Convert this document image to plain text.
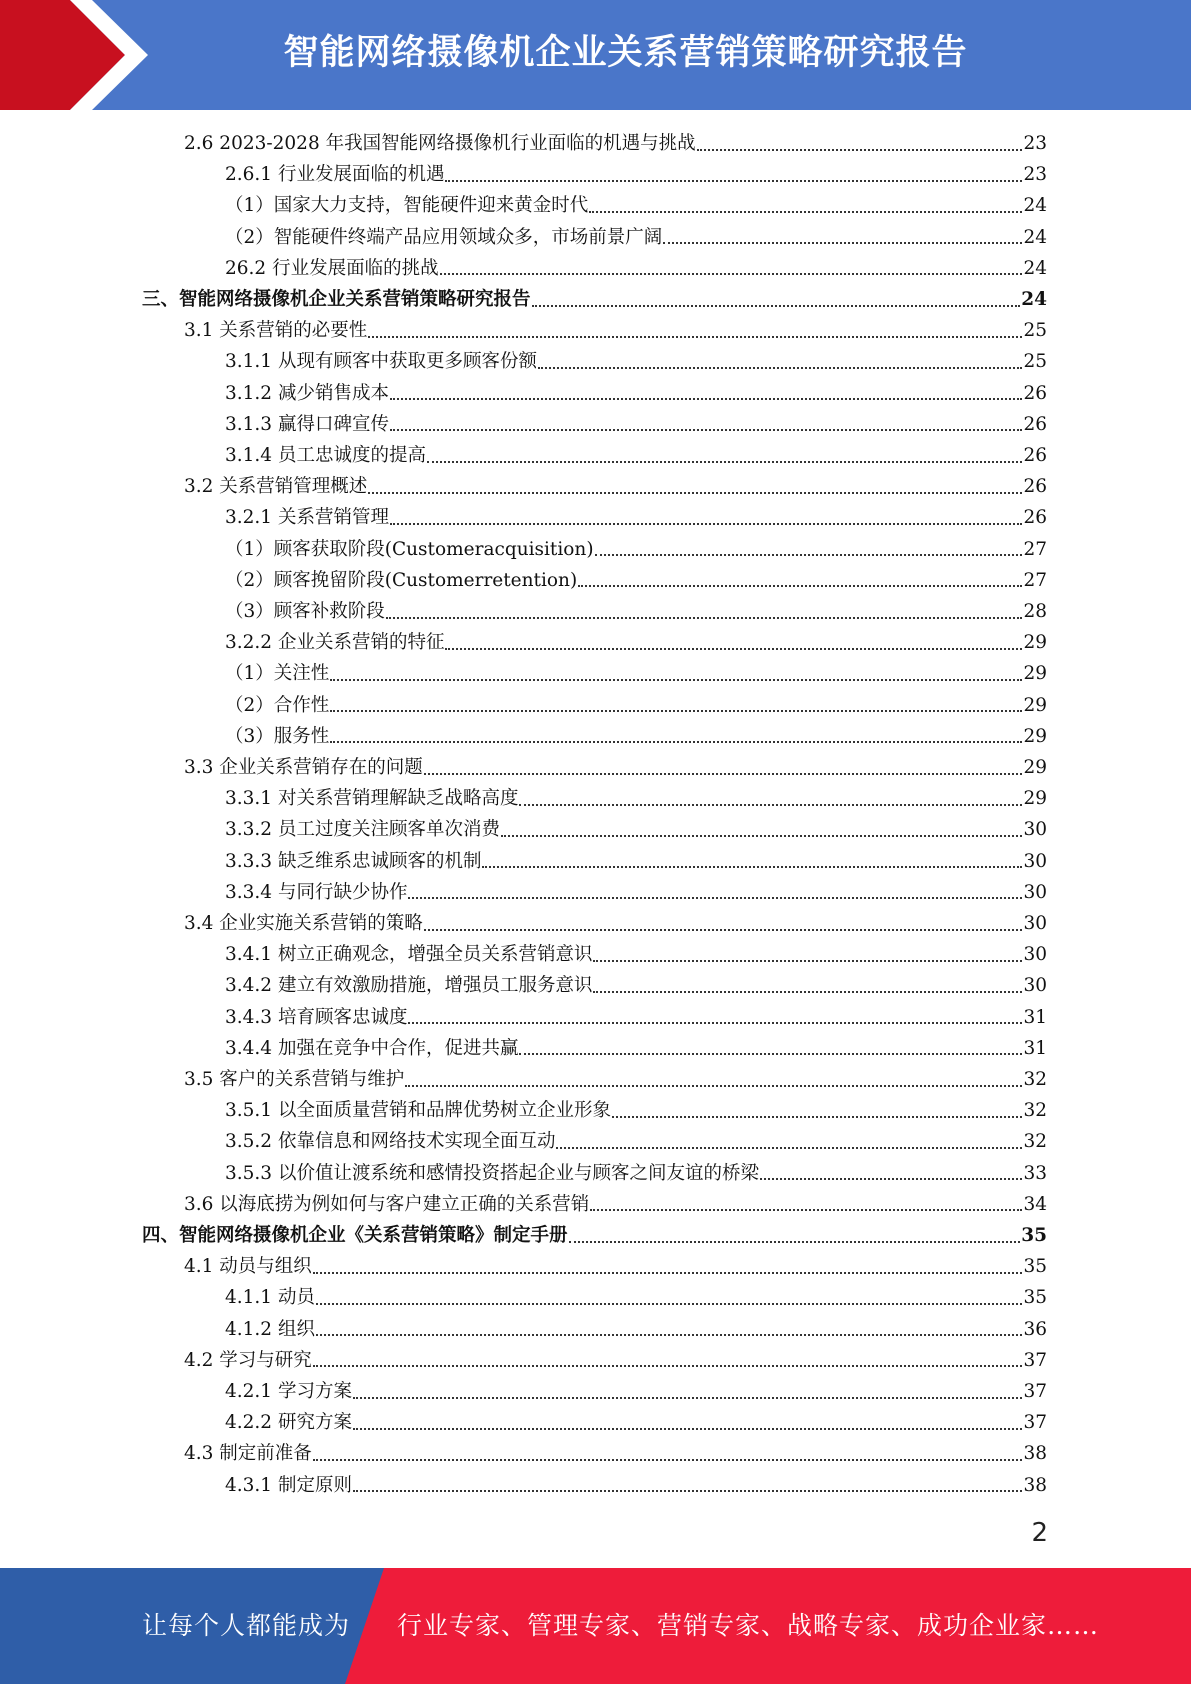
智能网络摄像机企业关系营销策略研究报告
2.6 2023-2028 年我国智能网络摄像机行业面临的机遇与挑战	23
2.6.1 行业发展面临的机遇	23
（1）国家大力支持，智能硬件迎来黄金时代	24
（2）智能硬件终端产品应用领域众多，市场前景广阔	24
26.2 行业发展面临的挑战	24
三、智能网络摄像机企业关系营销策略研究报告	24
3.1 关系营销的必要性	25
3.1.1 从现有顾客中获取更多顾客份额	25
3.1.2 减少销售成本	26
3.1.3 赢得口碑宣传	26
3.1.4 员工忠诚度的提高	26
3.2 关系营销管理概述	26
3.2.1 关系营销管理	26
（1）顾客获取阶段(Customeracquisition)	27
（2）顾客挽留阶段(Customerretention)	27
（3）顾客补救阶段	28
3.2.2 企业关系营销的特征	29
（1）关注性	29
（2）合作性	29
（3）服务性	29
3.3 企业关系营销存在的问题	29
3.3.1 对关系营销理解缺乏战略高度	29
3.3.2 员工过度关注顾客单次消费	30
3.3.3 缺乏维系忠诚顾客的机制	30
3.3.4 与同行缺少协作	30
3.4 企业实施关系营销的策略	30
3.4.1 树立正确观念，增强全员关系营销意识	30
3.4.2 建立有效激励措施，增强员工服务意识	30
3.4.3 培育顾客忠诚度	31
3.4.4 加强在竞争中合作，促进共赢	31
3.5 客户的关系营销与维护	32
3.5.1 以全面质量营销和品牌优势树立企业形象	32
3.5.2 依靠信息和网络技术实现全面互动	32
3.5.3 以价值让渡系统和感情投资搭起企业与顾客之间友谊的桥梁	33
3.6 以海底捞为例如何与客户建立正确的关系营销	34
四、智能网络摄像机企业《关系营销策略》制定手册	35
4.1 动员与组织	35
4.1.1 动员	35
4.1.2 组织	36
4.2 学习与研究	37
4.2.1 学习方案	37
4.2.2 研究方案	37
4.3 制定前准备	38
4.3.1 制定原则	38
2
让每个人都能成为 行业专家、管理专家、营销专家、战略专家、成功企业家……
